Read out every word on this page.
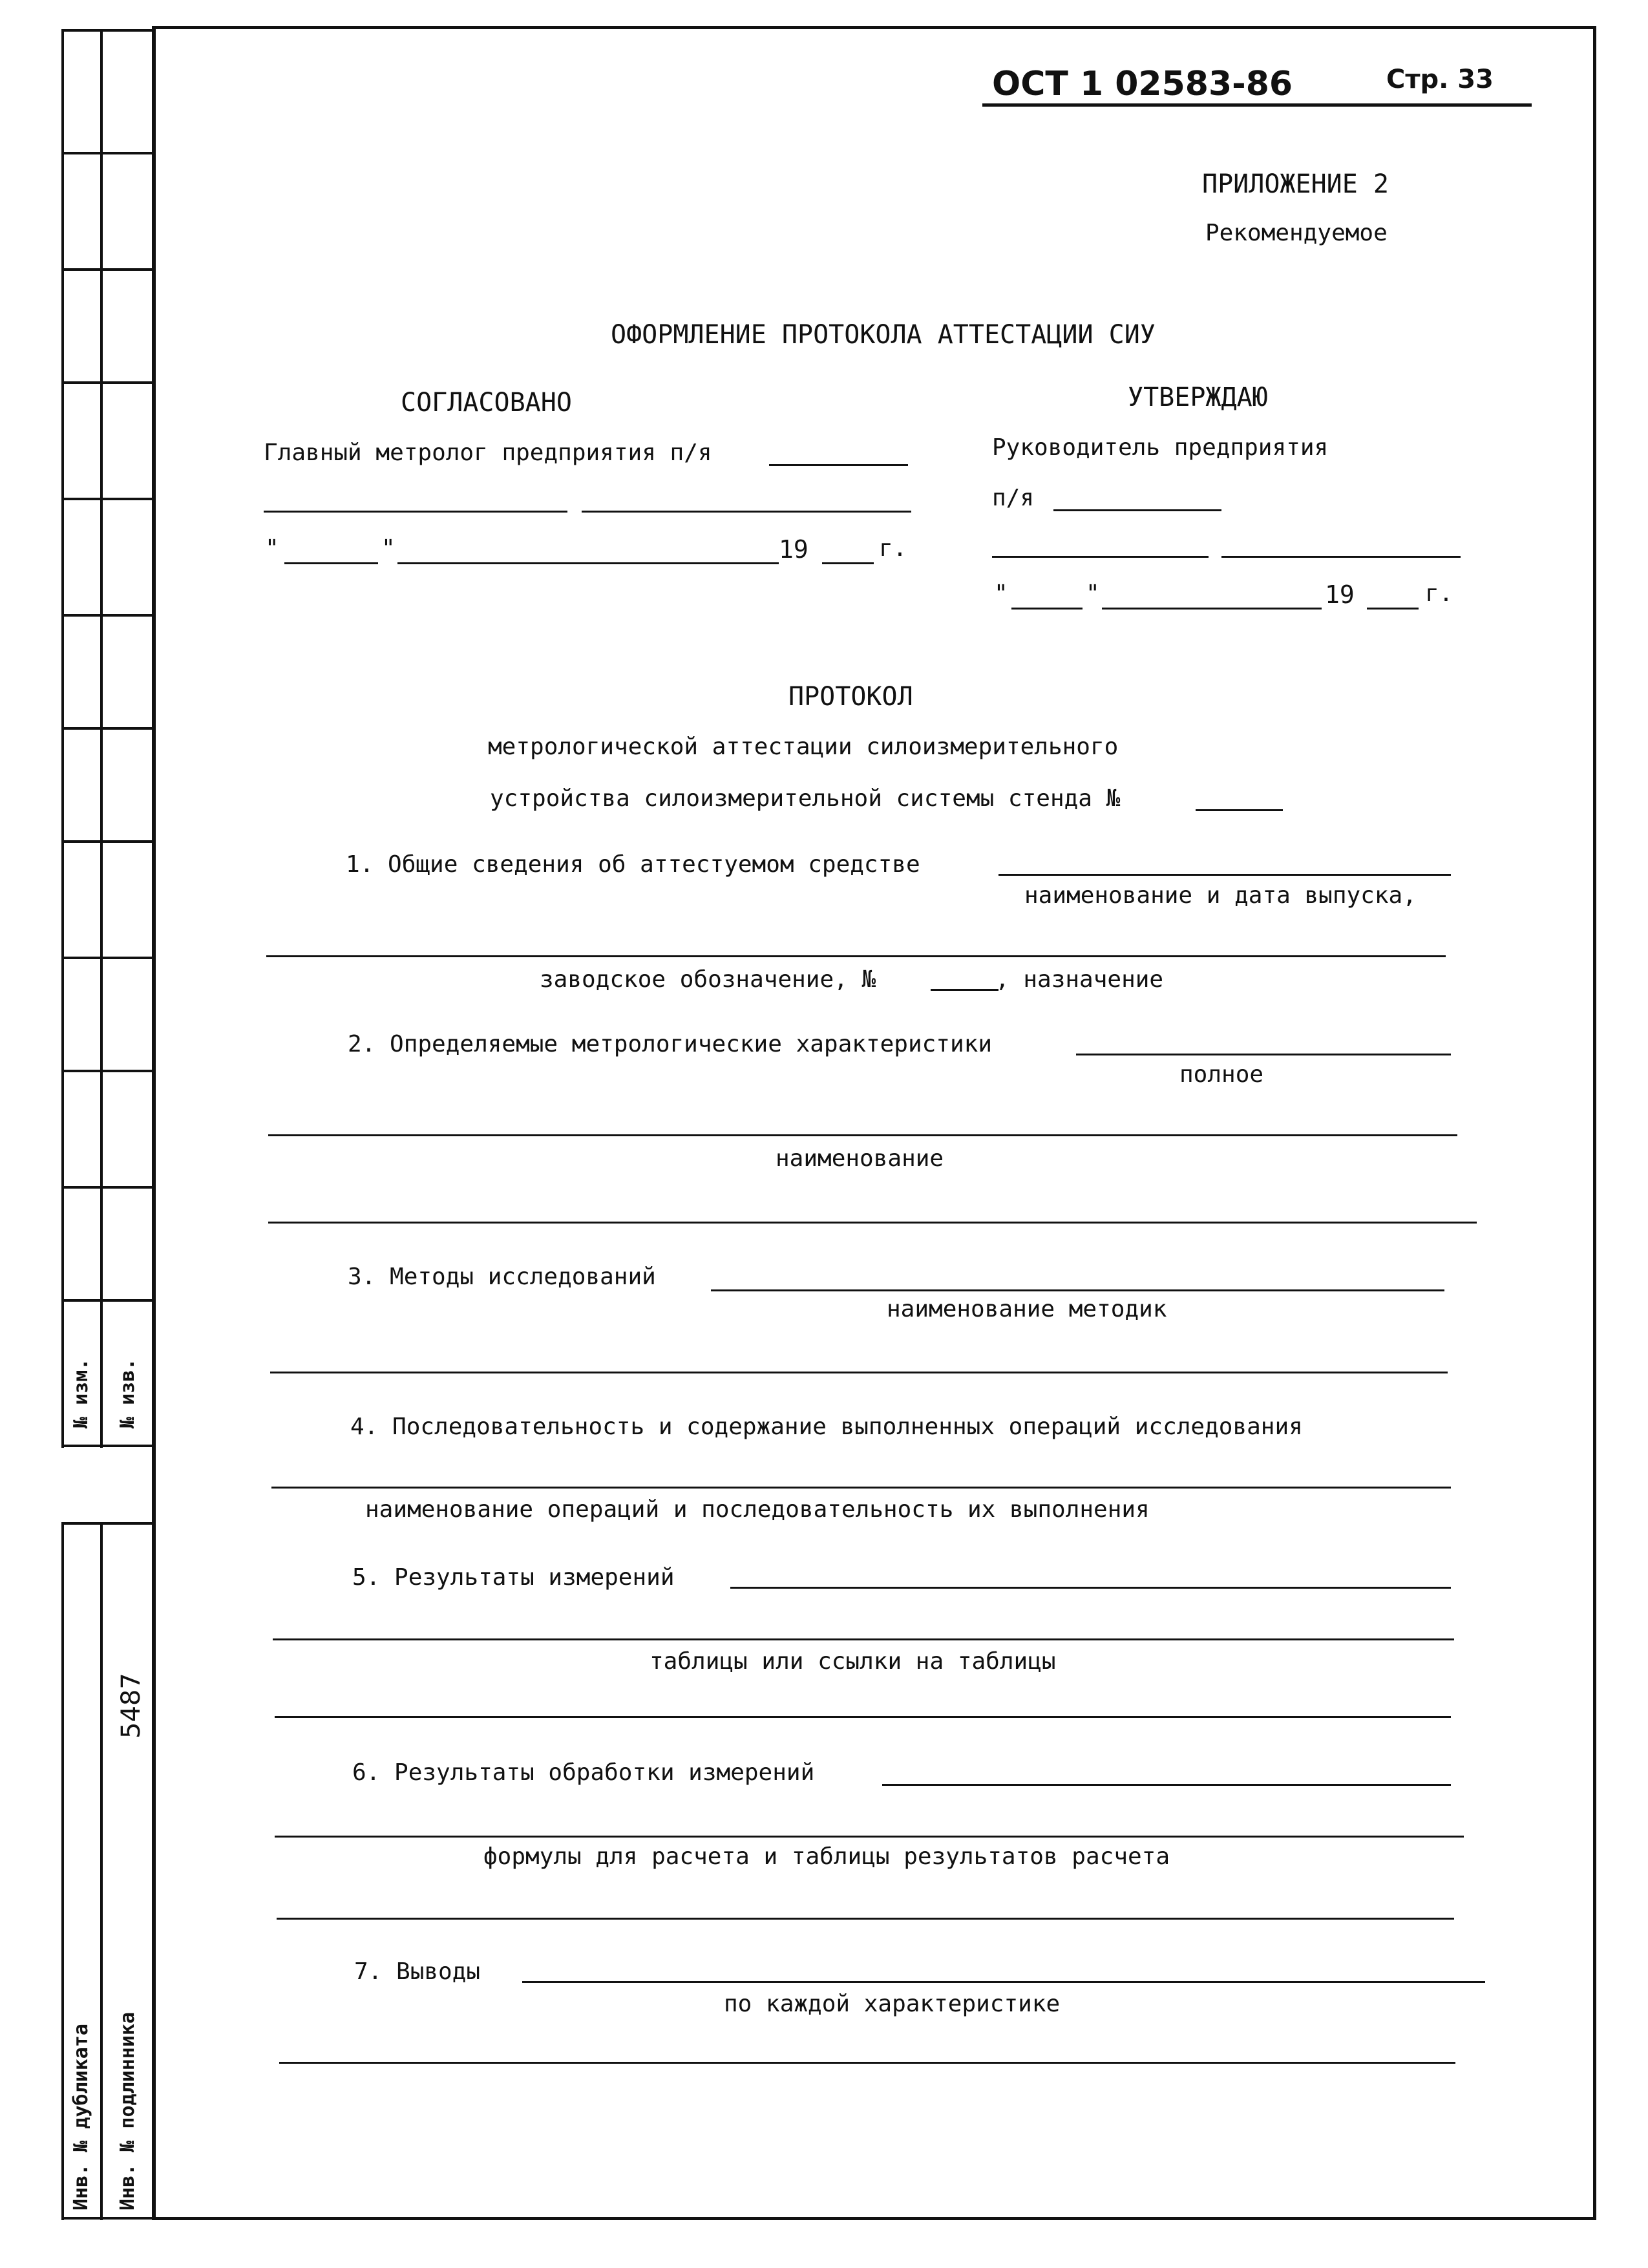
№ изм. № изв.
Инв. № дубликата Инв. № подлинника
5487
ОСТ 1 02583-86	Стр. 33
ПРИЛОЖЕНИЕ 2
Рекомендуемое
ОФОРМЛЕНИЕ ПРОТОКОЛА АТТЕСТАЦИИ СИУ
СОГЛАСОВАНО
Главный метролог предприятия п/я
"	"	19	г.
УТВЕРЖДАЮ
Руководитель предприятия
п/я
"	"	19	г.
ПРОТОКОЛ
метрологической аттестации силоизмерительного
устройства силоизмерительной системы стенда №
1. Общие сведения об аттестуемом средстве
наименование и дата выпуска,
заводское обозначение, №	, назначение
2. Определяемые метрологические характеристики
полное
наименование
3. Методы исследований
наименование методик
4. Последовательность и содержание выполненных операций исследования
наименование операций и последовательность их выполнения
5. Результаты измерений
таблицы или ссылки на таблицы
6. Результаты обработки измерений
формулы для расчета и таблицы результатов расчета
7. Выводы
по каждой характеристике
